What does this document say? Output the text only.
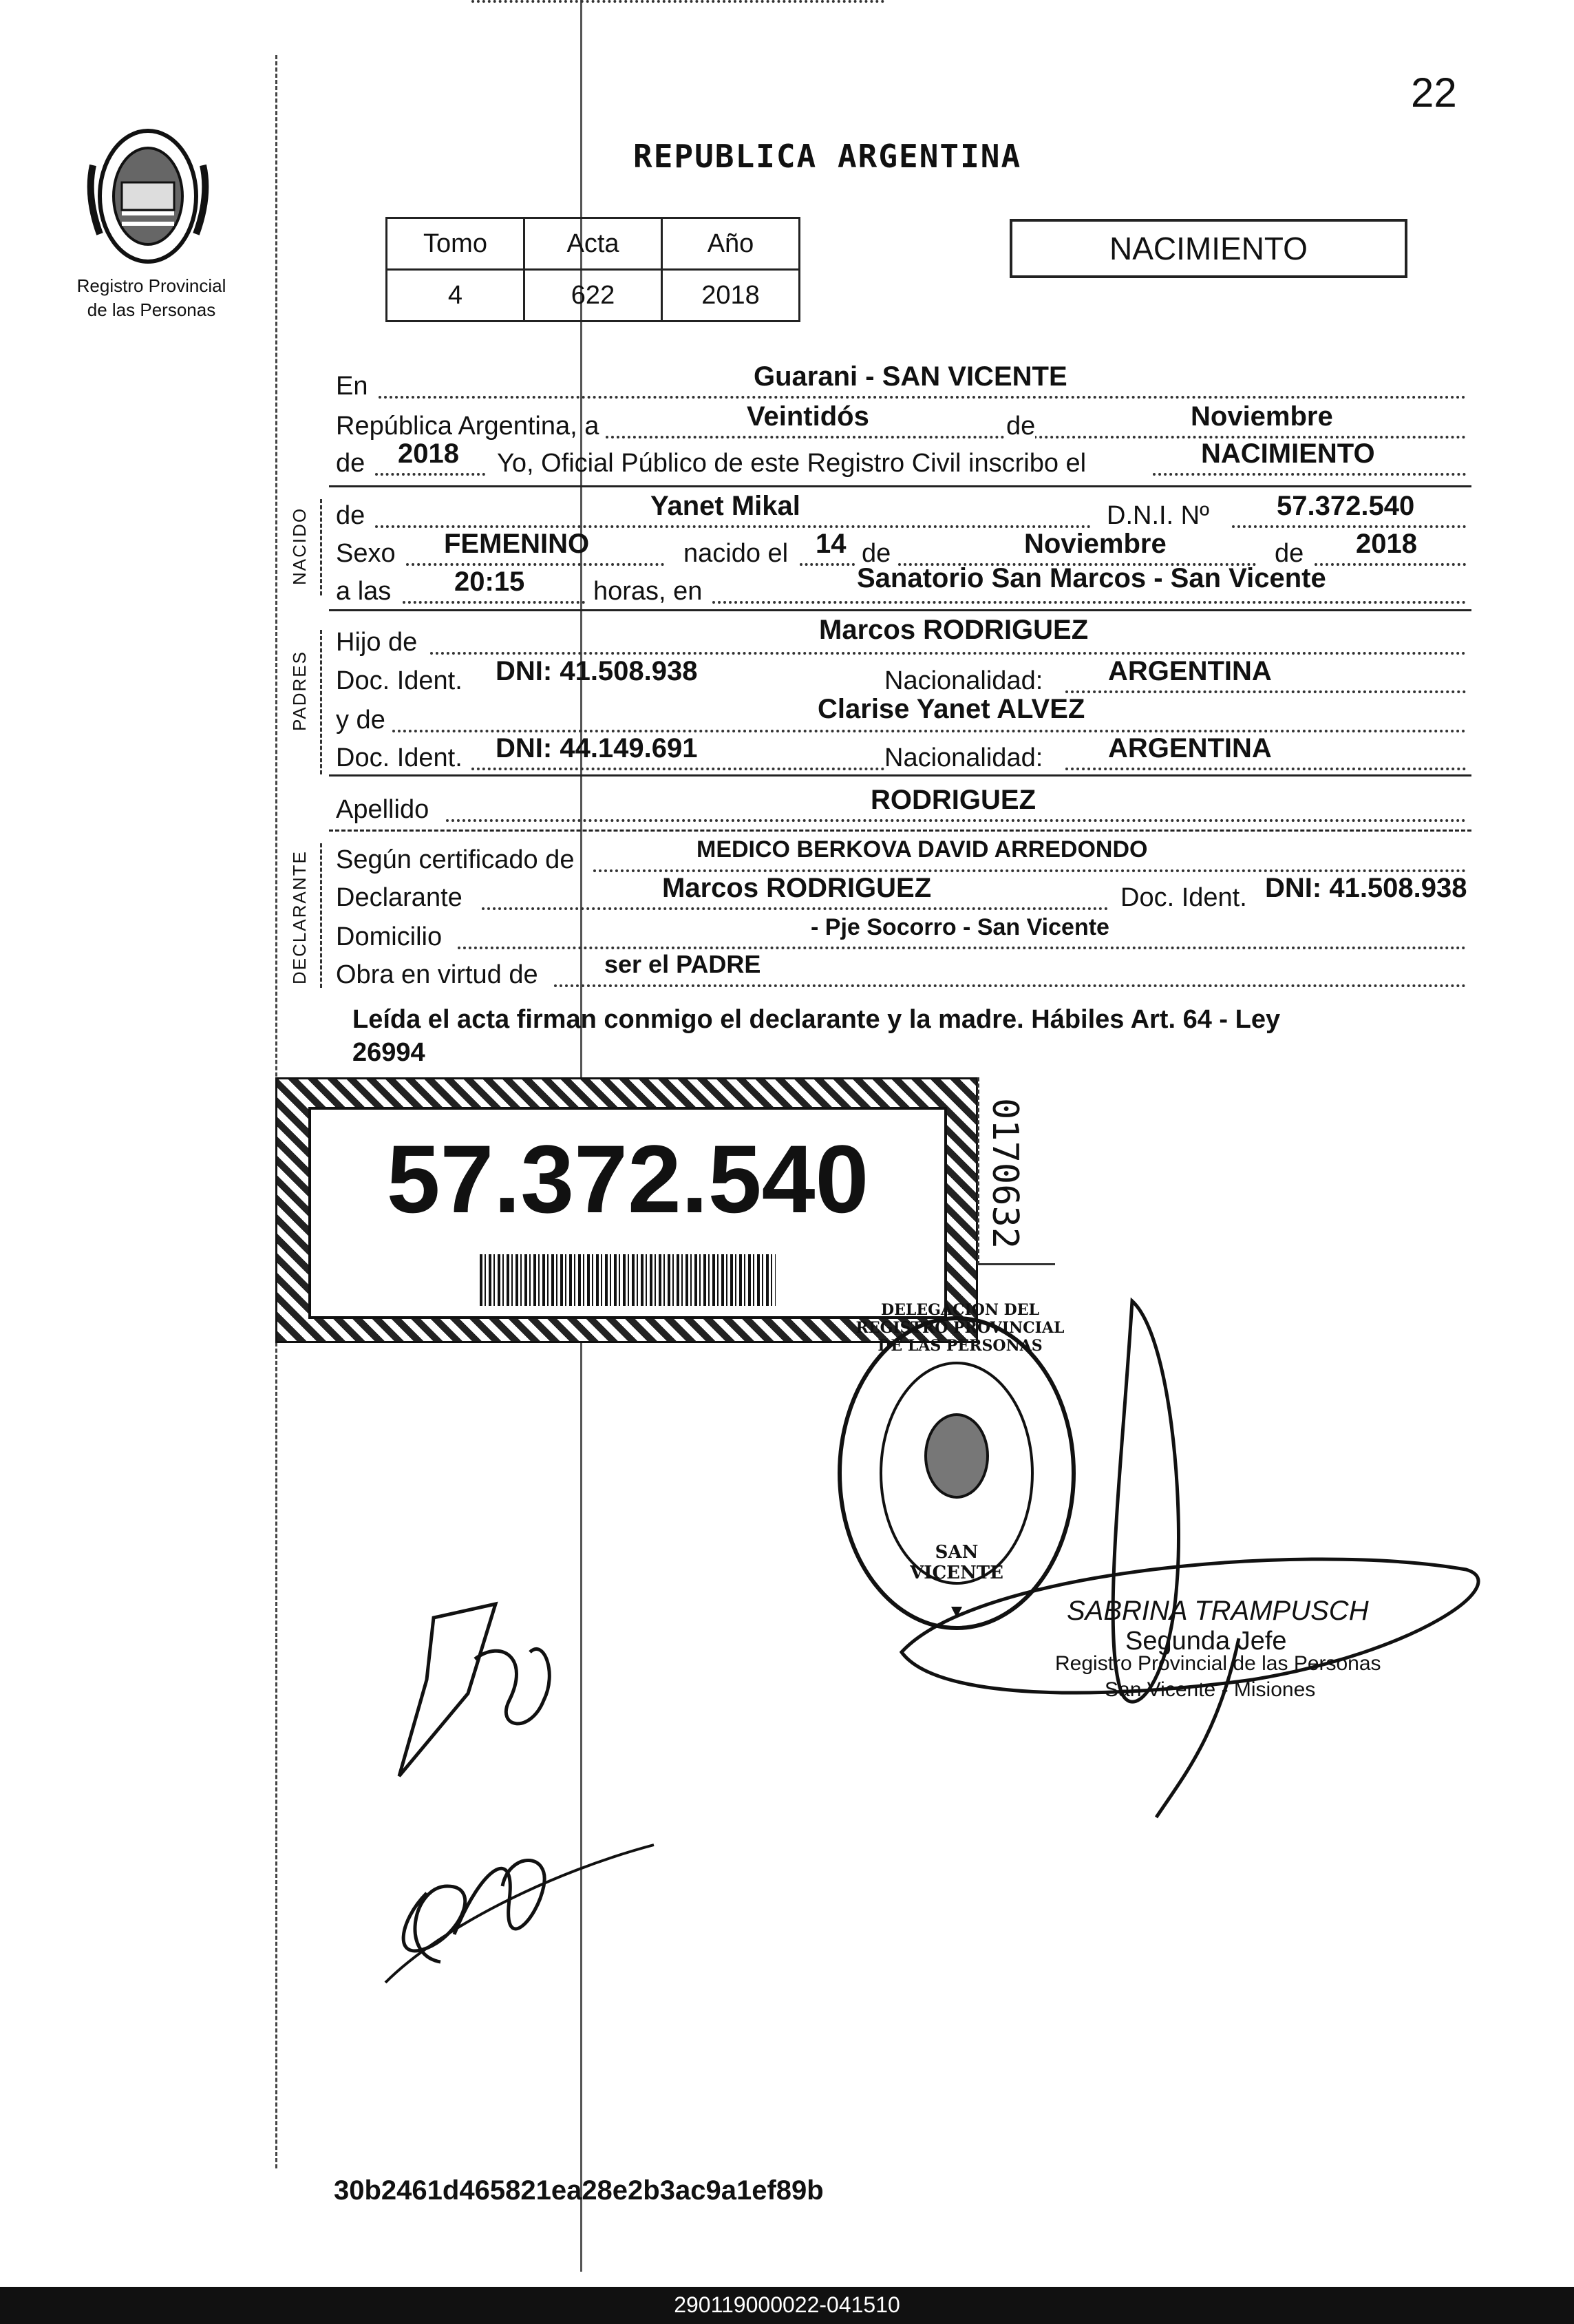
22
Registro Provincial
de las Personas
REPUBLICA ARGENTINA
Tomo	Acta	Año
4	622	2018
NACIMIENTO
NACIDO
PADRES
DECLARANTE
En	Guarani - SAN VICENTE
República Argentina, a	Veintidós	de	Noviembre
de 2018 Yo, Oficial Público de este Registro Civil inscribo el	NACIMIENTO
de	Yanet Mikal	D.N.I. Nº 57.372.540
Sexo FEMENINO	nacido el 14 de	Noviembre	de 2018
a las 20:15	horas, en	Sanatorio San Marcos - San Vicente
Hijo de	Marcos RODRIGUEZ
Doc. Ident. DNI: 41.508.938	Nacionalidad: ARGENTINA
y de	Clarise Yanet ALVEZ
Doc. Ident. DNI: 44.149.691	Nacionalidad: ARGENTINA
Apellido	RODRIGUEZ
Según certificado de	MEDICO BERKOVA DAVID ARREDONDO
Declarante	Marcos RODRIGUEZ	Doc. Ident. DNI: 41.508.938
Domicilio	- Pje Socorro - San Vicente
Obra en virtud de	ser el PADRE
Leída el acta firman conmigo el declarante y la madre. Hábiles Art. 64 - Ley
26994
57.372.540	0170632
DELEGACION DEL REGISTRO PROVINCIAL DE LAS PERSONAS
SAN VICENTE
SABRINA TRAMPUSCH
Segunda Jefe
Registro Provincial de las Personas
San Vicente - Misiones
30b2461d465821ea28e2b3ac9a1ef89b
290119000022-041510
